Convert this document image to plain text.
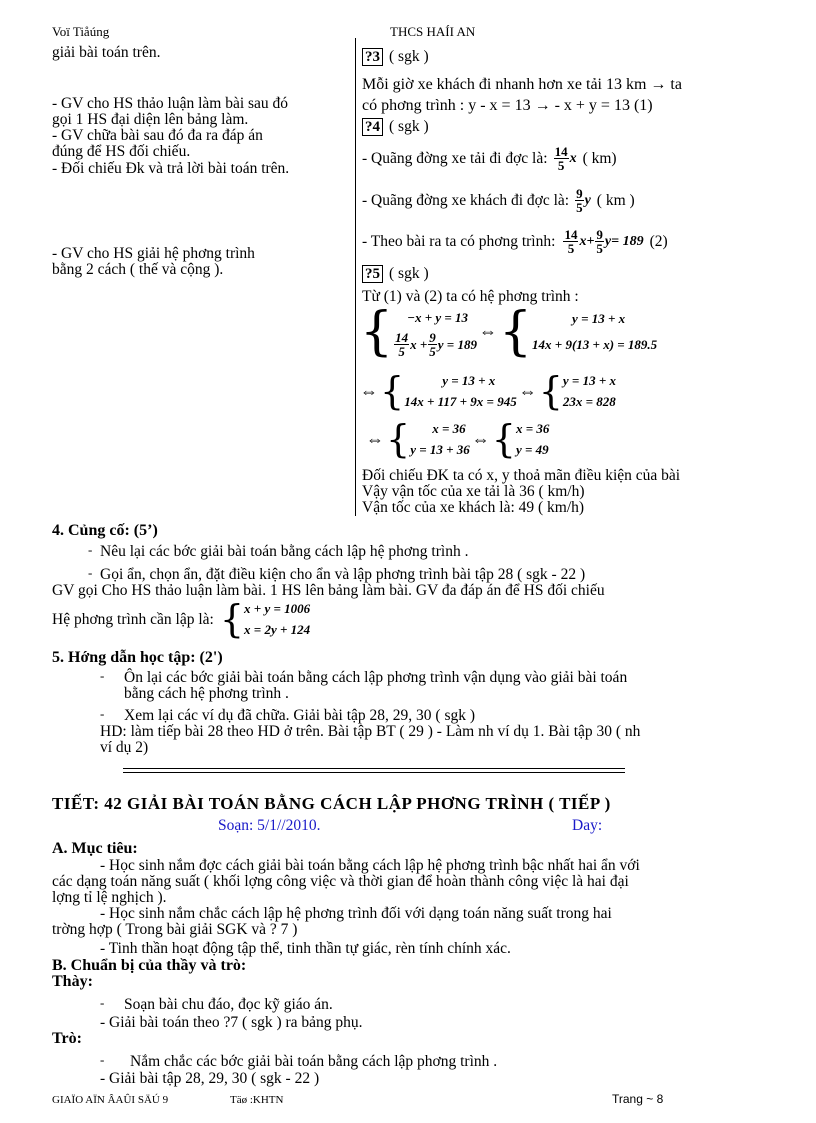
Voï Tiåúng	THCS HAÍI AN
giải bài toán trên.
- GV cho HS thảo luận làm bài sau đó
gọi 1 HS đại diện lên bảng làm.
- GV chữa bài sau đó đa ra đáp án
đúng để HS đối chiếu.
- Đối chiếu Đk và trả lời bài toán trên.
- GV cho HS giải hệ phơng trình
bằng 2 cách ( thế và cộng ).
?3 ( sgk )
Mỗi giờ xe khách đi nhanh hơn xe tải 13 km → ta
có phơng trình : y - x = 13 → - x + y = 13 (1)
?4 ( sgk )
- Quãng đờng xe tải đi đợc là: $\frac{14}{5}$ x ( km)
- Quãng đờng xe khách đi đợc là: $\frac{9}{5}$ y ( km )
- Theo bài ra ta có phơng trình: $\frac{14}{5} x+ \frac{9}{5}$ y = 189 (2)
?5 ( sgk )
Từ (1) và (2) ta có hệ phơng trình :
{	−x + y = 13
$\frac{14}{5}$ $x + \frac{9}{5}$ y = 189
⇔ {	y = 13 + x
14x + 9(13 + x) = 189.5
⇔ {	y = 13 + x
14x + 117 + 9x = 945
⇔ { y = 13 + x
23x = 828
⇔ {	x = 36
y = 13 + 36
⇔ { x = 36
y = 49
Đối chiếu ĐK ta có x, y thoả mãn điều kiện của bài
Vậy vận tốc của xe tải là 36 ( km/h)
Vận tốc của xe khách là: 49 ( km/h)
4. Củng cố: (5’)
- Nêu lại các bớc giải bài toán bằng cách lập hệ phơng trình .
- Gọi ẩn, chọn ẩn, đặt điều kiện cho ẩn và lập phơng trình bài tập 28 ( sgk - 22 )
GV gọi Cho HS thảo luận làm bài. 1 HS lên bảng làm bài. GV đa đáp án để HS đối chiếu
Hệ phơng trình cần lập là: { x + y = 1006
x = 2y + 124
5. Hớng dẫn học tập: (2')
- Ôn lại các bớc giải bài toán bằng cách lập phơng trình vận dụng vào giải bài toán
bằng cách hệ phơng trình .
- Xem lại các ví dụ đã chữa. Giải bài tập 28, 29, 30 ( sgk )
HD: làm tiếp bài 28 theo HD ở trên. Bài tập BT ( 29 ) - Làm nh ví dụ 1. Bài tập 30 ( nh
ví dụ 2)
TIẾT: 42 GIẢI BÀI TOÁN BẰNG CÁCH LẬP PHƠNG TRÌNH ( TIẾP )
Soạn: 5/1//2010.	Day:
A. Mục tiêu:
- Học sinh nắm đợc cách giải bài toán bằng cách lập hệ phơng trình bậc nhất hai ẩn với
các dạng toán năng suất ( khối lợng công việc và thời gian để hoàn thành công việc là hai đại
lợng tỉ lệ nghịch ).
- Học sinh nắm chắc cách lập hệ phơng trình đối với dạng toán năng suất trong hai
trờng hợp ( Trong bài giải SGK và ? 7 )
- Tinh thần hoạt động tập thể, tinh thần tự giác, rèn tính chính xác.
B. Chuẩn bị của thầy và trò:
Thày:
- Soạn bài chu đáo, đọc kỹ giáo án.
- Giải bài toán theo ?7 ( sgk ) ra bảng phụ.
Trò:
- Nắm chắc các bớc giải bài toán bằng cách lập phơng trình .
- Giải bài tập 28, 29, 30 ( sgk - 22 )
GIAÏO AÏN ÂAÛI SÄÚ 9	Täø :KHTN	Trang ~ 8
